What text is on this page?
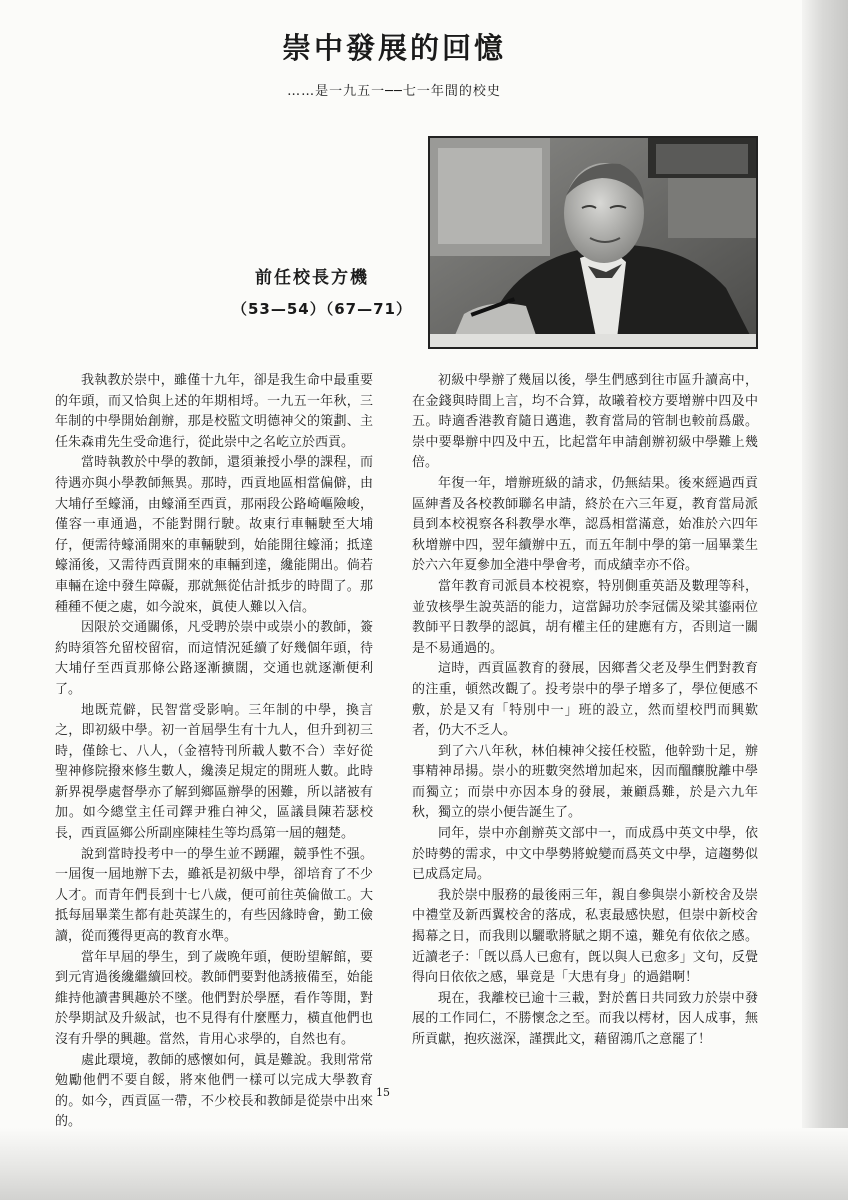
崇中發展的回憶
……是一九五一──七一年間的校史
前任校長方機
（53—54）（67—71）

我執教於崇中，雖僅十九年，卻是我生命中最重要的年頭，而又恰與上述的年期相埒。一九五一年秋，三年制的中學開始創辦，那是校監文明德神父的策劃、主任朱森甫先生受命進行，從此崇中之名屹立於西貢。

當時執教於中學的教師，還須兼授小學的課程，而待遇亦與小學教師無異。那時，西貢地區相當偏僻，由大埔仔至蠔涌，由蠔涌至西貢，那兩段公路崎嶇險峻，僅容一車通過，不能對開行駛。故東行車輛駛至大埔仔，便需待蠔涌開來的車輛駛到，始能開往蠔涌；抵達蠔涌後，又需待西貢開來的車輛到達，纔能開出。倘若車輛在途中發生障礙，那就無從估計抵步的時間了。那種種不便之處，如今說來，眞使人難以入信。

因限於交通關係，凡受聘於崇中或崇小的教師，簽約時須答允留校留宿，而這情況延續了好幾個年頭，待大埔仔至西貢那條公路逐漸擴闊，交通也就逐漸便利了。

地既荒僻，民智當受影响。三年制的中學，換言之，即初級中學。初一首屆學生有十九人，但升到初三時，僅餘七、八人，（金禧特刊所載人數不合）幸好從聖神修院撥來修生數人，纔湊足規定的開班人數。此時新界視學處督學亦了解到鄉區辦學的困難，所以諸被有加。如今總堂主任司鐸尹雅白神父，區議員陳若瑟校長，西貢區鄉公所副座陳桂生等均爲第一屆的翹楚。

說到當時投考中一的學生並不踴躍，競爭性不强。一屆復一屆地辦下去，雖祇是初級中學，卻培育了不少人才。而青年們長到十七八歲，便可前往英倫做工。大抵每屆畢業生都有赴英謀生的，有些因緣時會，勤工儉讀，從而獲得更高的教育水準。

當年早屆的學生，到了歲晚年頭，便盼望解館，要到元宵過後纔繼續回校。教師們要對他誘掖備至，始能維持他讀書興趣於不墜。他們對於學歷，看作等閒，對於學期試及升級試，也不見得有什麼壓力，橫直他們也沒有升學的興趣。當然，肯用心求學的，自然也有。

處此環境，教師的感懷如何，眞是難說。我則常常勉勵他們不要自餒，將來他們一樣可以完成大學教育的。如今，西貢區一帶，不少校長和教師是從崇中出來的。

初級中學辦了幾屆以後，學生們感到往市區升讀高中，在金錢與時間上言，均不合算，故曦着校方要增辦中四及中五。時適香港教育隨日邁進，教育當局的管制也較前爲嚴。崇中要舉辦中四及中五，比起當年申請創辦初級中學難上幾倍。

年復一年，增辦班級的請求，仍無結果。後來經過西貢區紳耆及各校教師聯名申請，終於在六三年夏，教育當局派員到本校視察各科教學水準，認爲相當滿意，始准於六四年秋增辦中四，翌年續辦中五，而五年制中學的第一屆畢業生於六六年夏參加全港中學會考，而成績幸亦不俗。

當年教育司派員本校視察，特別側重英語及數理等科，並攷核學生說英語的能力，這當歸功於李冠儒及梁其鎏兩位教師平日教學的認眞，胡有權主任的建應有方，否則這一關是不易通過的。

這時，西貢區教育的發展，因鄉耆父老及學生們對教育的注重，頓然改觀了。投考崇中的學子增多了，學位便感不敷，於是又有「特別中一」班的設立，然而望校門而興歎者，仍大不乏人。

到了六八年秋，林伯棟神父接任校監，他幹勁十足，辦事精神昂揚。崇小的班數突然增加起來，因而醞釀脫離中學而獨立；而崇中亦因本身的發展，兼顧爲難，於是六九年秋，獨立的崇小便告誕生了。

同年，崇中亦創辦英文部中一，而成爲中英文中學，依於時勢的需求，中文中學勢將蛻變而爲英文中學，這趨勢似已成爲定局。

我於崇中服務的最後兩三年，親自參與崇小新校舍及崇中禮堂及新西翼校舍的落成，私衷最感快慰，但崇中新校舍揭幕之日，而我則以驪歌將賦之期不遠，難免有依依之感。近讀老子：「旣以爲人已愈有，旣以與人已愈多」文句，反覺得向日依依之感，畢竟是「大患有身」的過錯啊！

現在，我離校已逾十三載，對於舊日共同致力於崇中發展的工作同仁，不勝懷念之至。而我以樗材，因人成事，無所貢獻，抱疚滋深，謹撰此文，藉留鴻爪之意罷了！

15
